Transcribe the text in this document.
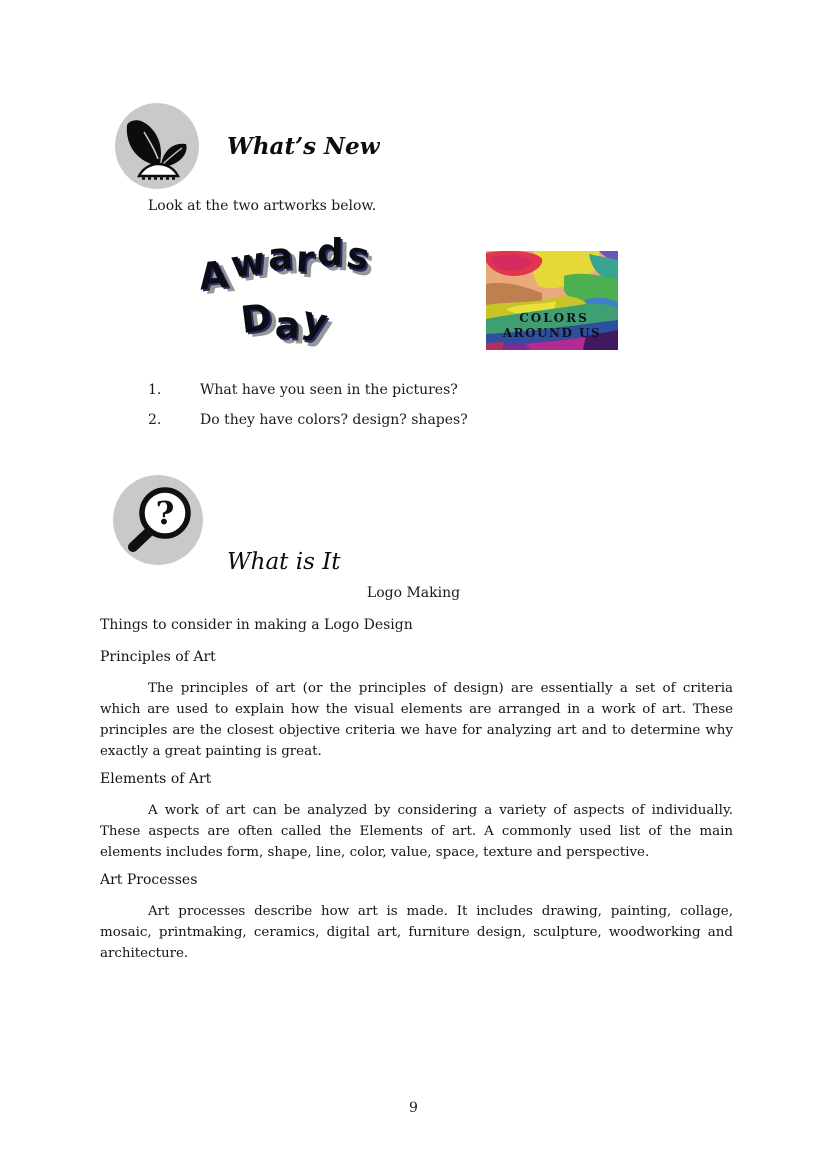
What’s New

Look at the two artworks below.

Awards
Day	COLORS
AROUND US
1.	What have you seen in the pictures?
2.	Do they have colors? design? shapes?
?
What is It

Logo Making

Things to consider in making a Logo Design

Principles of Art

The principles of art (or the principles of design) are essentially a set of criteria which are used to explain how the visual elements are arranged in a work of art. These principles are the closest objective criteria we have for analyzing art and to determine why exactly a great painting is great.

Elements of Art

A work of art can be analyzed by considering a variety of aspects of individually. These aspects are often called the Elements of art. A commonly used list of the main elements includes form, shape, line, color, value, space, texture and perspective.

Art Processes

Art processes describe how art is made. It includes drawing, painting, collage, mosaic, printmaking, ceramics, digital art, furniture design, sculpture, woodworking and architecture.

9
